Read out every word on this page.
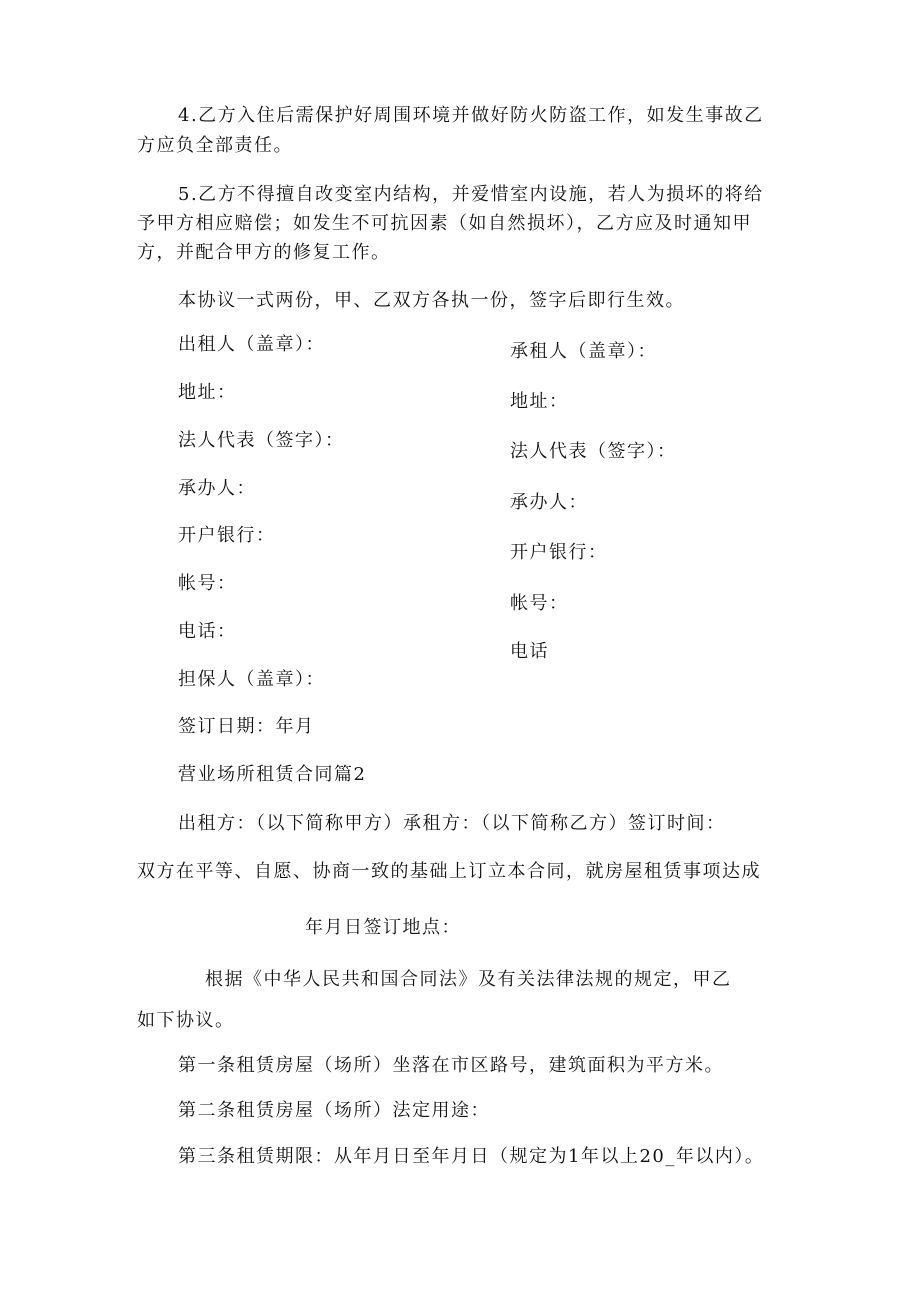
4.乙方入住后需保护好周围环境并做好防火防盗工作，如发生事故乙
方应负全部责任。
5.乙方不得擅自改变室内结构，并爱惜室内设施，若人为损坏的将给
予甲方相应赔偿；如发生不可抗因素（如自然损坏），乙方应及时通知甲
方，并配合甲方的修复工作。
本协议一式两份，甲、乙双方各执一份，签字后即行生效。
出租人（盖章）：
地址：
法人代表（签字）：
承办人：
开户银行：
帐号：
电话：
担保人（盖章）：
签订日期：年月
承租人（盖章）：
地址：
法人代表（签字）：
承办人：
开户银行：
帐号：
电话
营业场所租赁合同篇2
出租方：（以下简称甲方）承租方：（以下简称乙方）签订时间：
双方在平等、自愿、协商一致的基础上订立本合同，就房屋租赁事项达成
年月日签订地点：
根据《中华人民共和国合同法》及有关法律法规的规定，甲乙
如下协议。
第一条租赁房屋（场所）坐落在市区路号，建筑面积为平方米。
第二条租赁房屋（场所）法定用途：
第三条租赁期限：从年月日至年月日（规定为1年以上20_年以内）。
